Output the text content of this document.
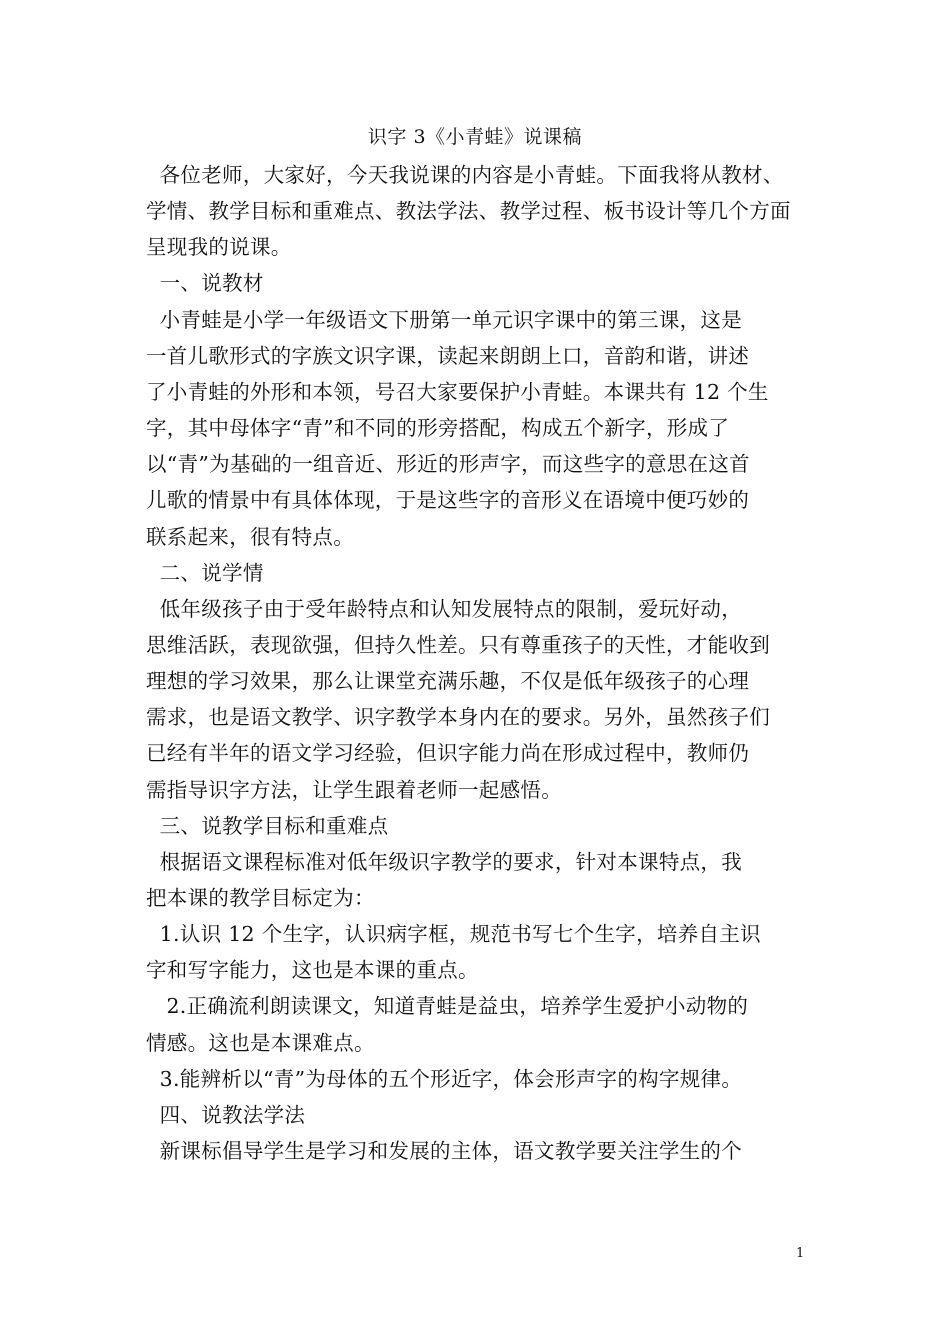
识字 3《小青蛙》说课稿
各位老师，大家好，今天我说课的内容是小青蛙。下面我将从教材、
学情、教学目标和重难点、教法学法、教学过程、板书设计等几个方面
呈现我的说课。
一、说教材
小青蛙是小学一年级语文下册第一单元识字课中的第三课，这是
一首儿歌形式的字族文识字课，读起来朗朗上口，音韵和谐，讲述
了小青蛙的外形和本领，号召大家要保护小青蛙。本课共有 12 个生
字，其中母体字“青”和不同的形旁搭配，构成五个新字，形成了
以“青”为基础的一组音近、形近的形声字，而这些字的意思在这首
儿歌的情景中有具体体现，于是这些字的音形义在语境中便巧妙的
联系起来，很有特点。
二、说学情
低年级孩子由于受年龄特点和认知发展特点的限制，爱玩好动，
思维活跃，表现欲强，但持久性差。只有尊重孩子的天性，才能收到
理想的学习效果，那么让课堂充满乐趣，不仅是低年级孩子的心理
需求，也是语文教学、识字教学本身内在的要求。另外，虽然孩子们
已经有半年的语文学习经验，但识字能力尚在形成过程中，教师仍
需指导识字方法，让学生跟着老师一起感悟。
三、说教学目标和重难点
根据语文课程标准对低年级识字教学的要求，针对本课特点，我
把本课的教学目标定为：
1.认识 12 个生字，认识病字框，规范书写七个生字，培养自主识
字和写字能力，这也是本课的重点。
2.正确流利朗读课文，知道青蛙是益虫，培养学生爱护小动物的
情感。这也是本课难点。
3.能辨析以“青”为母体的五个形近字，体会形声字的构字规律。
四、说教法学法
新课标倡导学生是学习和发展的主体，语文教学要关注学生的个
1
